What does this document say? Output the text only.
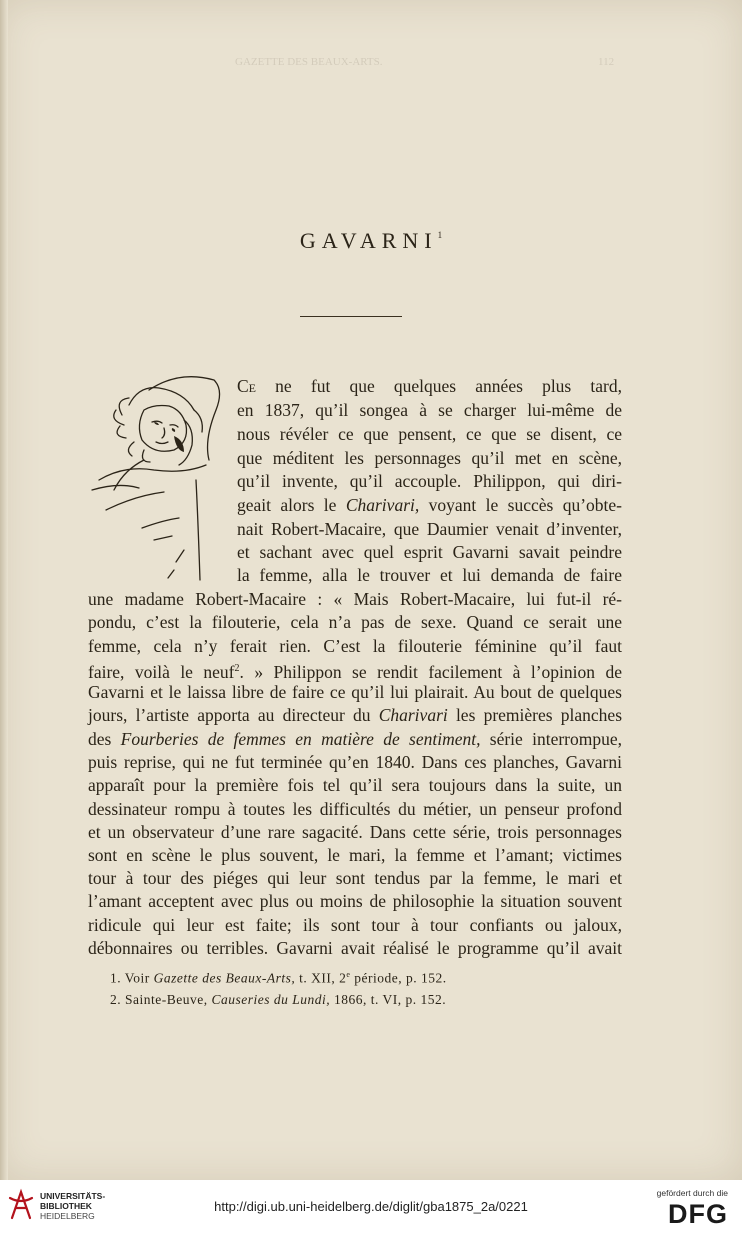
GAZETTE DES BEAUX-ARTS.	112
GAVARNI$^1$
Ce ne fut que quelques années plus tard,
en 1837, qu’il songea à se charger lui-même de
nous révéler ce que pensent, ce que se disent, ce
que méditent les personnages qu’il met en scène,
qu’il invente, qu’il accouple. Philippon, qui diri-
geait alors le Charivari, voyant le succès qu’obte-
nait Robert-Macaire, que Daumier venait d’inventer,
et sachant avec quel esprit Gavarni savait peindre
la femme, alla le trouver et lui demanda de faire
une madame Robert-Macaire : « Mais Robert-Macaire, lui fut-il ré-
pondu, c’est la filouterie, cela n’a pas de sexe. Quand ce serait une
femme, cela n’y ferait rien. C’est la filouterie féminine qu’il faut
faire, voilà le neuf$^2$. » Philippon se rendit facilement à l’opinion de
Gavarni et le laissa libre de faire ce qu’il lui plairait. Au bout de quelques
jours, l’artiste apporta au directeur du Charivari les premières planches
des Fourberies de femmes en matière de sentiment, série interrompue,
puis reprise, qui ne fut terminée qu’en 1840. Dans ces planches, Gavarni
apparaît pour la première fois tel qu’il sera toujours dans la suite, un
dessinateur rompu à toutes les difficultés du métier, un penseur profond
et un observateur d’une rare sagacité. Dans cette série, trois personnages
sont en scène le plus souvent, le mari, la femme et l’amant; victimes
tour à tour des piéges qui leur sont tendus par la femme, le mari et
l’amant acceptent avec plus ou moins de philosophie la situation souvent
ridicule qui leur est faite; ils sont tour à tour confiants ou jaloux,
débonnaires ou terribles. Gavarni avait réalisé le programme qu’il avait
1. Voir Gazette des Beaux-Arts, t. XII, 2e période, p. 152.
2. Sainte-Beuve, Causeries du Lundi, 1866, t. VI, p. 152.
UNIVERSITÄTS-
BIBLIOTHEK
HEIDELBERG
http://digi.ub.uni-heidelberg.de/diglit/gba1875_2a/0221
gefördert durch die
DFG
